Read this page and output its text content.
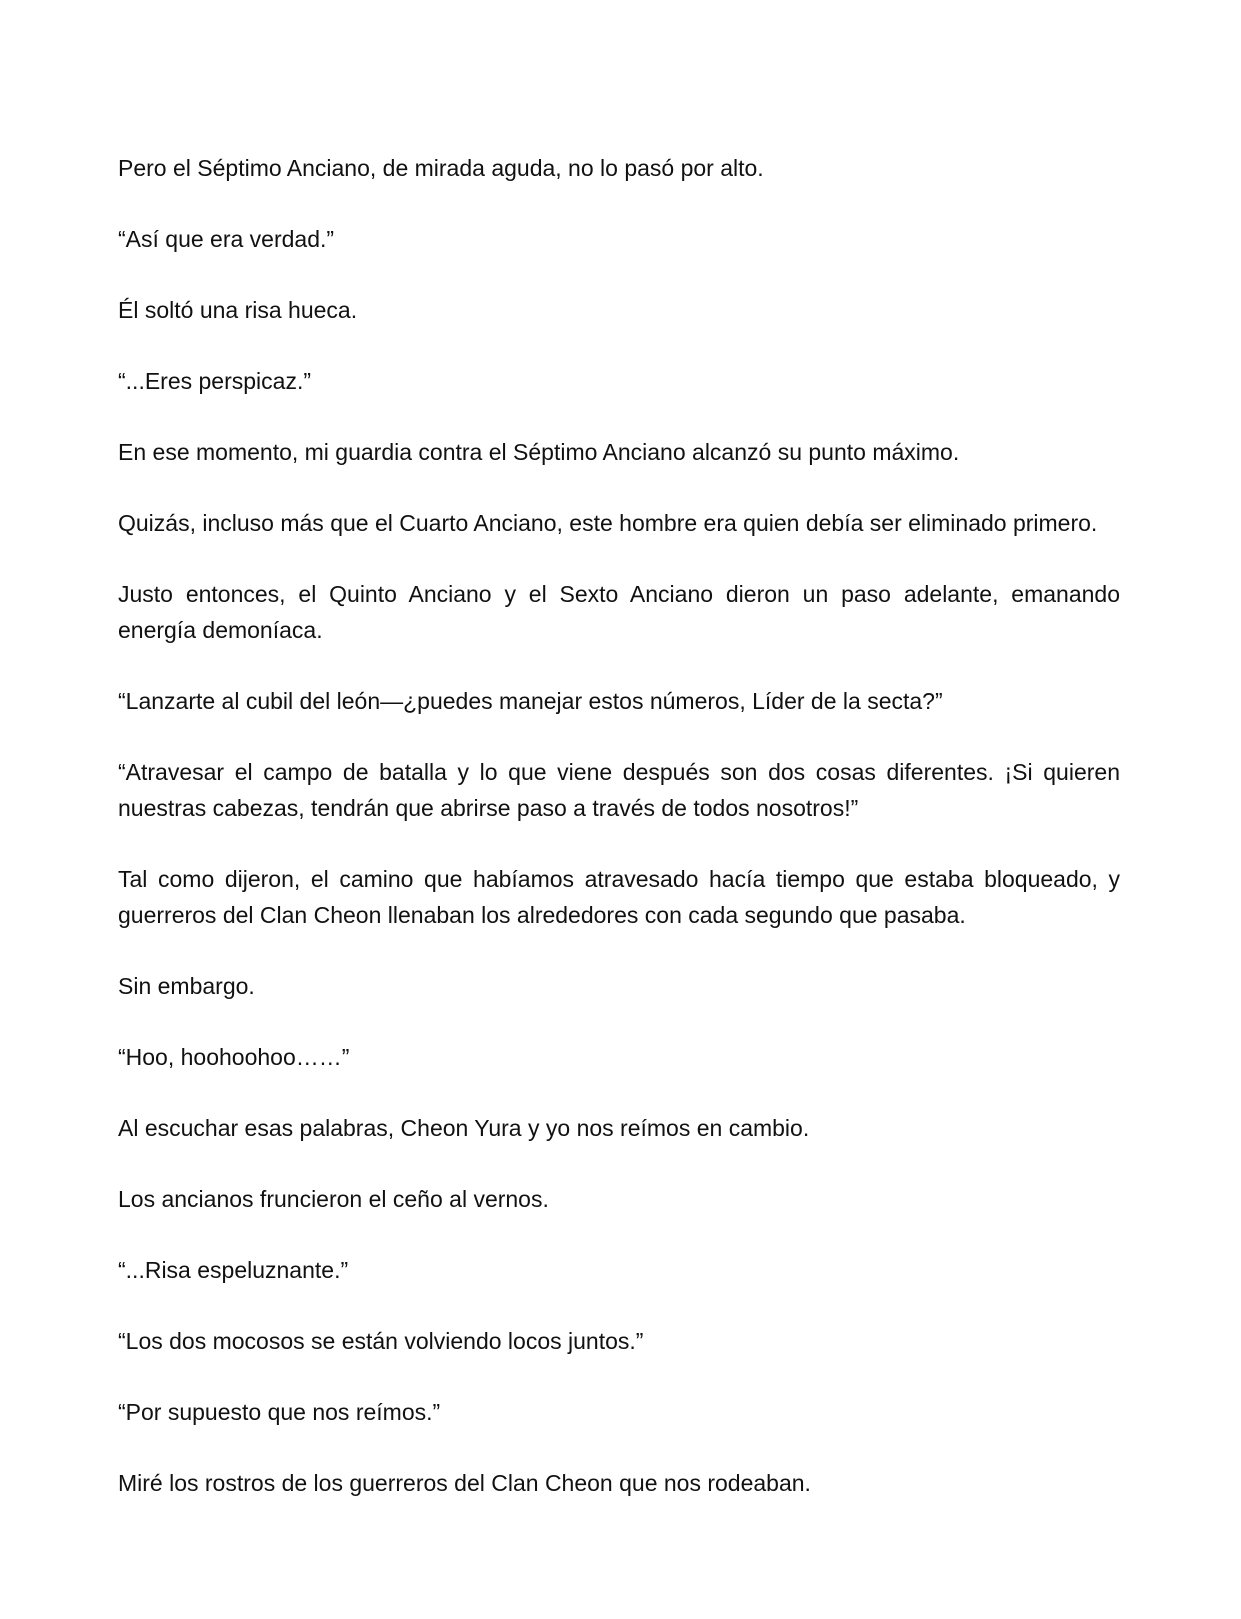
Pero el Séptimo Anciano, de mirada aguda, no lo pasó por alto.

“Así que era verdad.”

Él soltó una risa hueca.

“...Eres perspicaz.”

En ese momento, mi guardia contra el Séptimo Anciano alcanzó su punto máximo.

Quizás, incluso más que el Cuarto Anciano, este hombre era quien debía ser eliminado primero.

Justo entonces, el Quinto Anciano y el Sexto Anciano dieron un paso adelante, emanando energía demoníaca.

“Lanzarte al cubil del león—¿puedes manejar estos números, Líder de la secta?”

“Atravesar el campo de batalla y lo que viene después son dos cosas diferentes. ¡Si quieren nuestras cabezas, tendrán que abrirse paso a través de todos nosotros!”

Tal como dijeron, el camino que habíamos atravesado hacía tiempo que estaba bloqueado, y guerreros del Clan Cheon llenaban los alrededores con cada segundo que pasaba.

Sin embargo.

“Hoo, hoohoohoo……”

Al escuchar esas palabras, Cheon Yura y yo nos reímos en cambio.

Los ancianos fruncieron el ceño al vernos.

“...Risa espeluznante.”

“Los dos mocosos se están volviendo locos juntos.”

“Por supuesto que nos reímos.”

Miré los rostros de los guerreros del Clan Cheon que nos rodeaban.
